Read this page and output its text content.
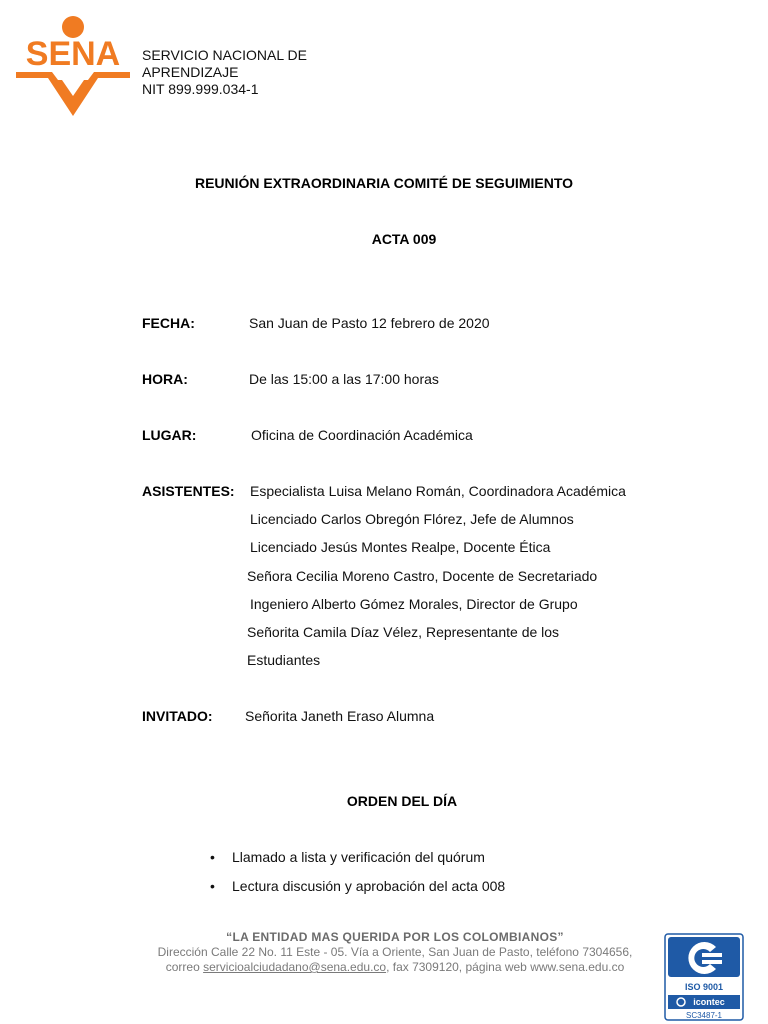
SENA SERVICIO NACIONAL DE
APRENDIZAJE
NIT 899.999.034-1
REUNIÓN EXTRAORDINARIA COMITÉ DE SEGUIMIENTO
ACTA 009
FECHA:	San Juan de Pasto 12 febrero de 2020
HORA:	De las 15:00 a las 17:00 horas
LUGAR:	Oficina de Coordinación Académica
ASISTENTES: Especialista Luisa Melano Román, Coordinadora Académica
Licenciado Carlos Obregón Flórez, Jefe de Alumnos
Licenciado Jesús Montes Realpe, Docente Ética
Señora Cecilia Moreno Castro, Docente de Secretariado
Ingeniero Alberto Gómez Morales, Director de Grupo
Señorita Camila Díaz Vélez, Representante de los
Estudiantes
INVITADO: Señorita Janeth Eraso Alumna
ORDEN DEL DÍA
• Llamado a lista y verificación del quórum
• Lectura discusión y aprobación del acta 008
“LA ENTIDAD MAS QUERIDA POR LOS COLOMBIANOS”
Dirección Calle 22 No. 11 Este - 05. Vía a Oriente, San Juan de Pasto, teléfono 7304656,
correo servicioalciudadano@sena.edu.co, fax 7309120, página web www.sena.edu.co
ISO 9001
icontec
SC3487-1
